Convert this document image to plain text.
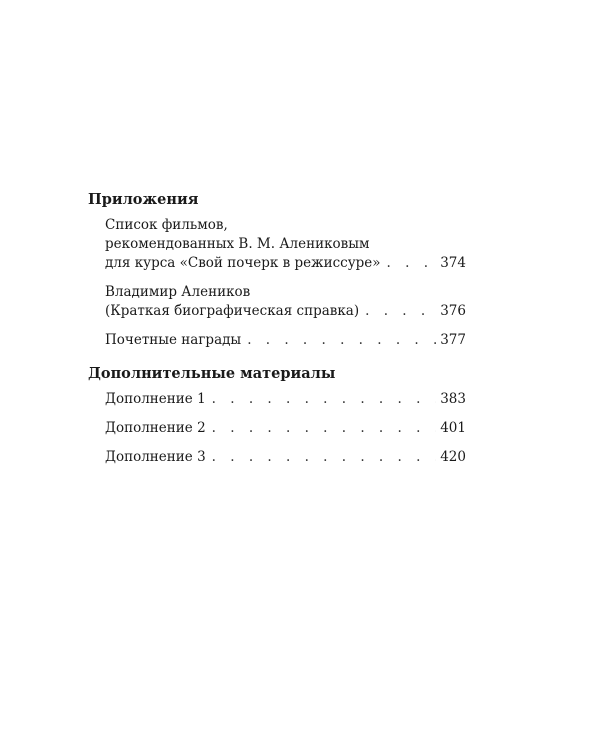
Приложения
Список фильмов,
рекомендованных В. М. Алениковым
для курса «Свой почерк в режиссуре» . . .	374
Владимир Алеников
(Краткая биографическая справка) . . .	376
Почетные награды . . .	377
Дополнительные материалы
Дополнение 1 . . .	383
Дополнение 2 . . .	401
Дополнение 3 . . .	420
